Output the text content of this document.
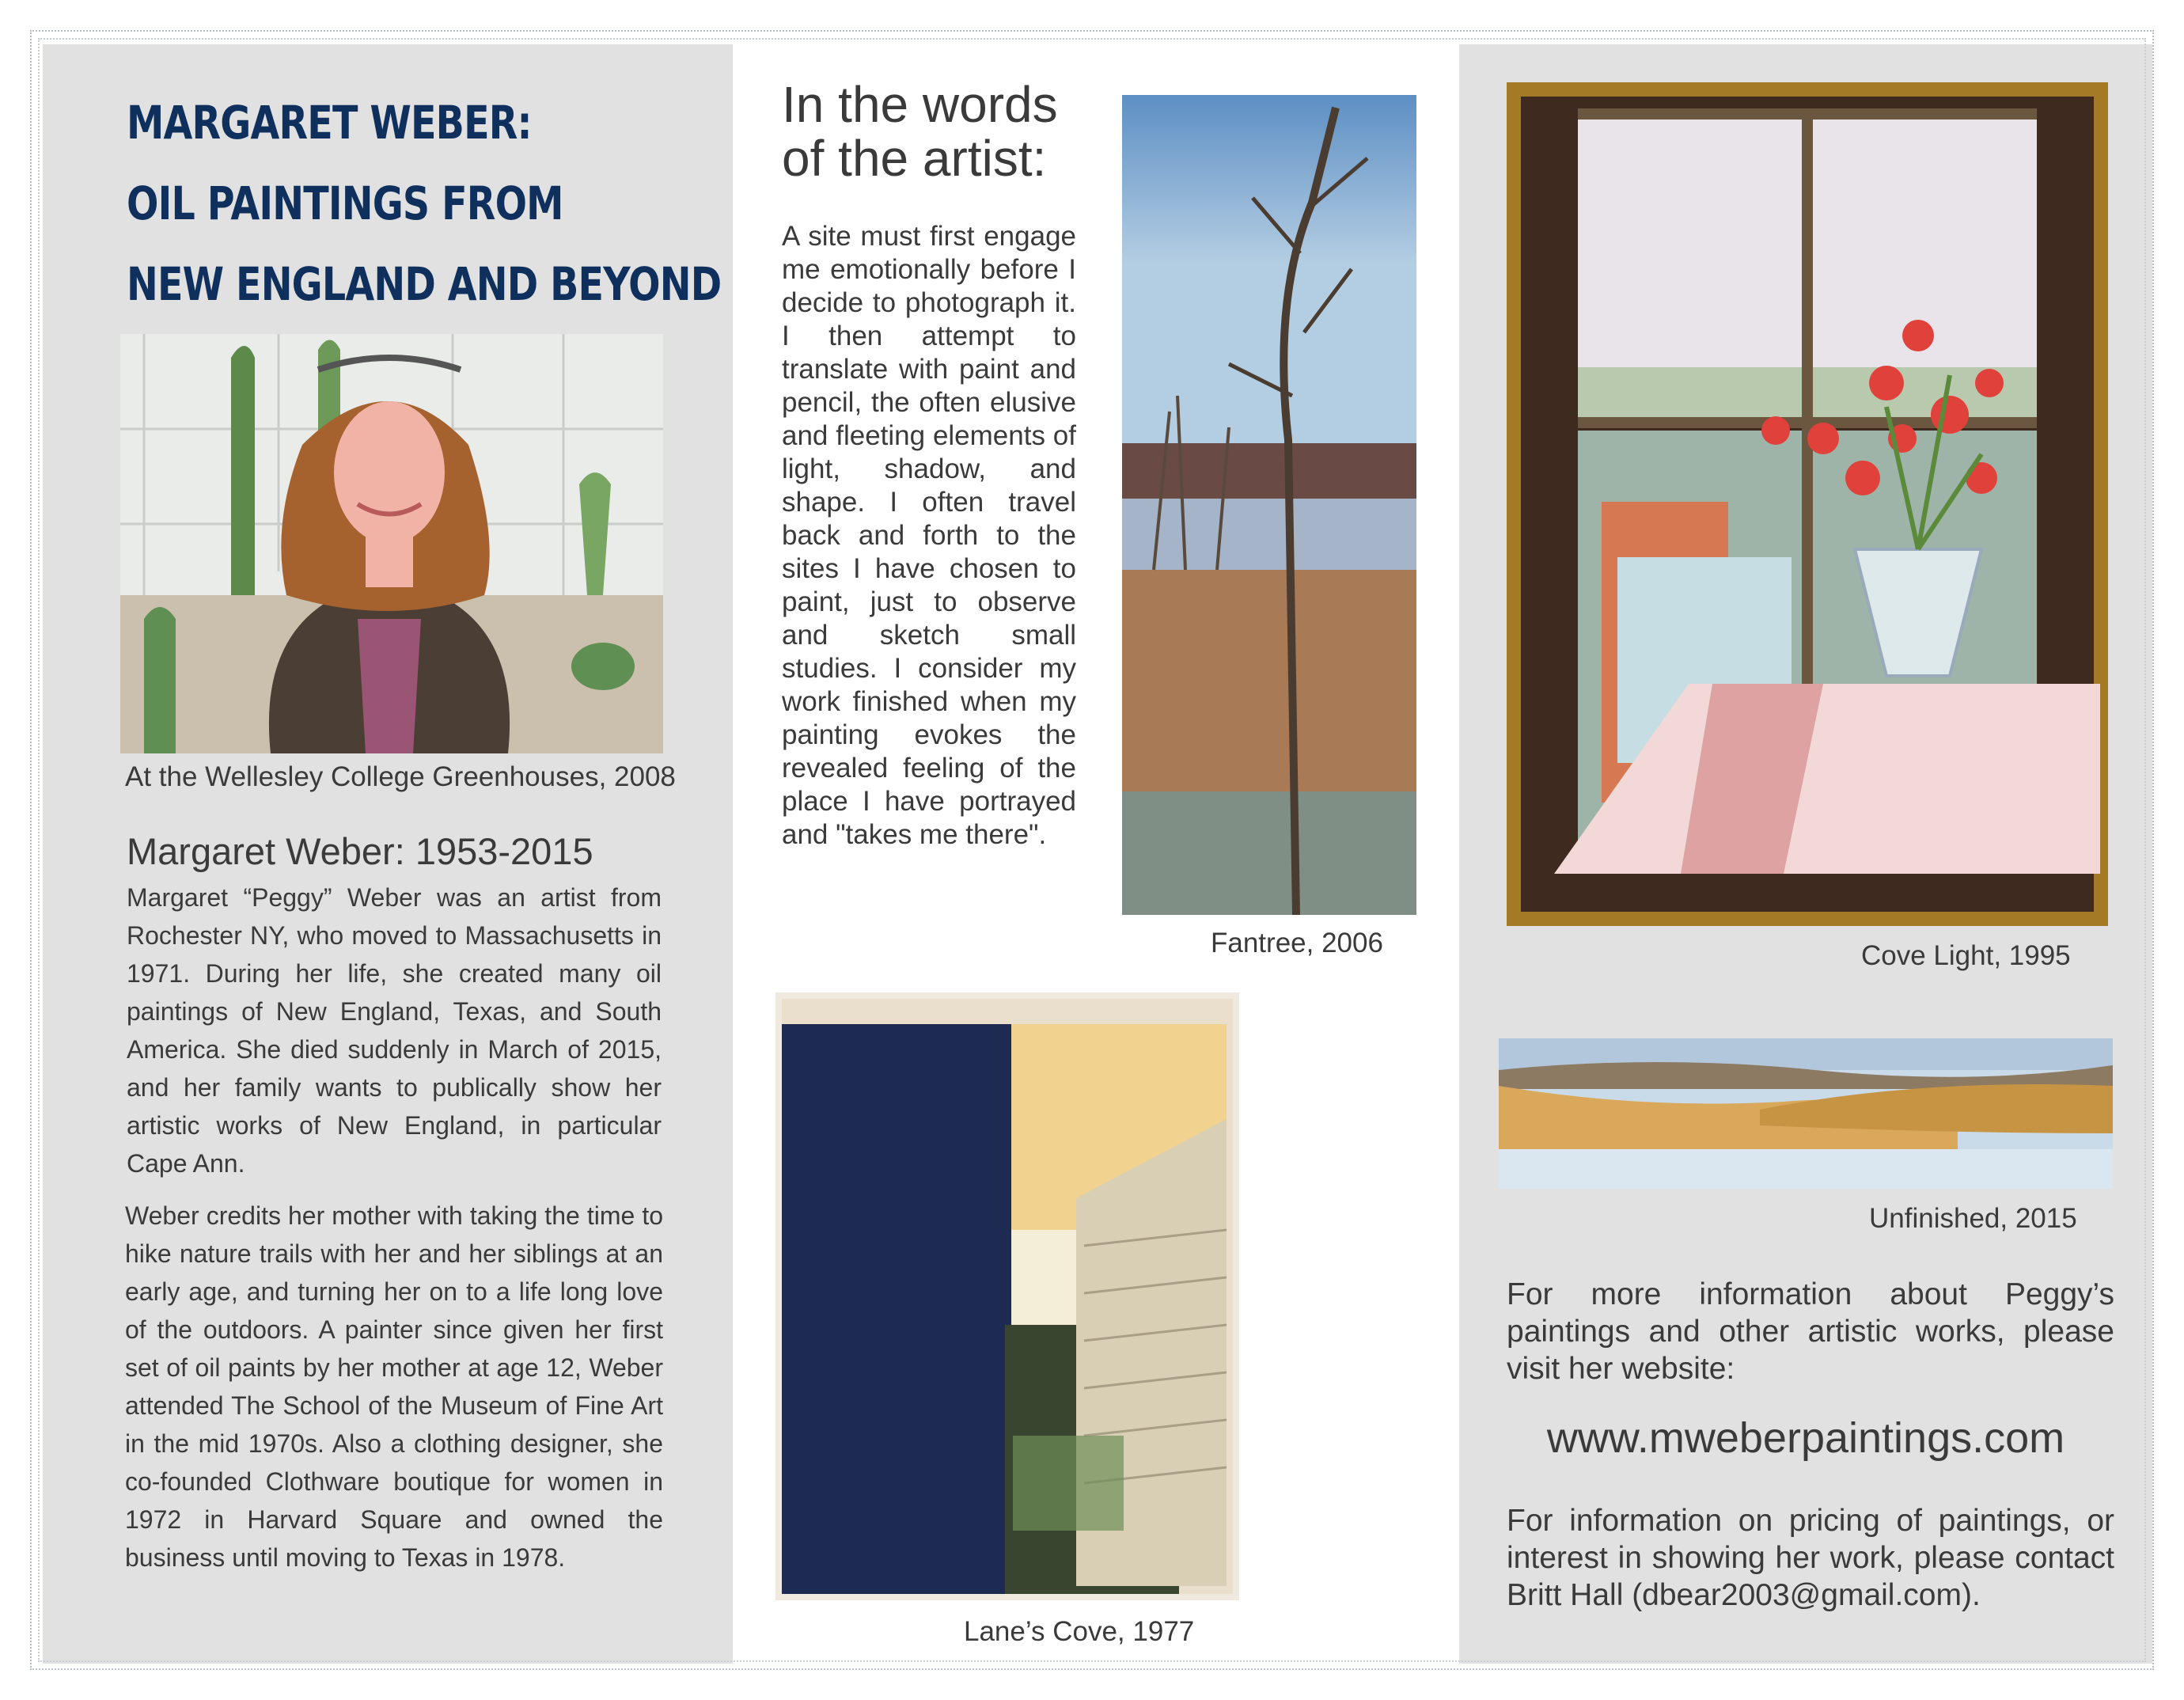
MARGARET WEBER:
OIL PAINTINGS FROM
NEW ENGLAND AND BEYOND
At the Wellesley College Greenhouses, 2008
Margaret Weber: 1953-2015
Margaret “Peggy” Weber was an artist from Rochester NY, who moved to Massachusetts in 1971. During her life, she created many oil paintings of New England, Texas, and South America. She died suddenly in March of 2015, and her family wants to publically show her artistic works of New England, in particular Cape Ann.
Weber credits her mother with taking the time to hike nature trails with her and her siblings at an early age, and turning her on to a life long love of the outdoors. A painter since given her first set of oil paints by her mother at age 12, Weber attended The School of the Museum of Fine Art in the mid 1970s. Also a clothing designer, she co-founded Clothware boutique for women in 1972 in Harvard Square and owned the business until moving to Texas in 1978.
In the words
of the artist:
A site must first engage me emotionally before I decide to photograph it. I then attempt to translate with paint and pencil, the often elusive and fleeting elements of light, shadow, and shape. I often travel back and forth to the sites I have chosen to paint, just to observe and sketch small studies. I consider my work finished when my painting evokes the revealed feeling of the place I have portrayed and "takes me there".
Fantree, 2006
Lane’s Cove, 1977
Cove Light, 1995
Unfinished, 2015
For more information about Peggy’s paintings and other artistic works, please visit her website:
www.mweberpaintings.com
For information on pricing of paintings, or interest in showing her work, please contact Britt Hall (dbear2003@gmail.com).
